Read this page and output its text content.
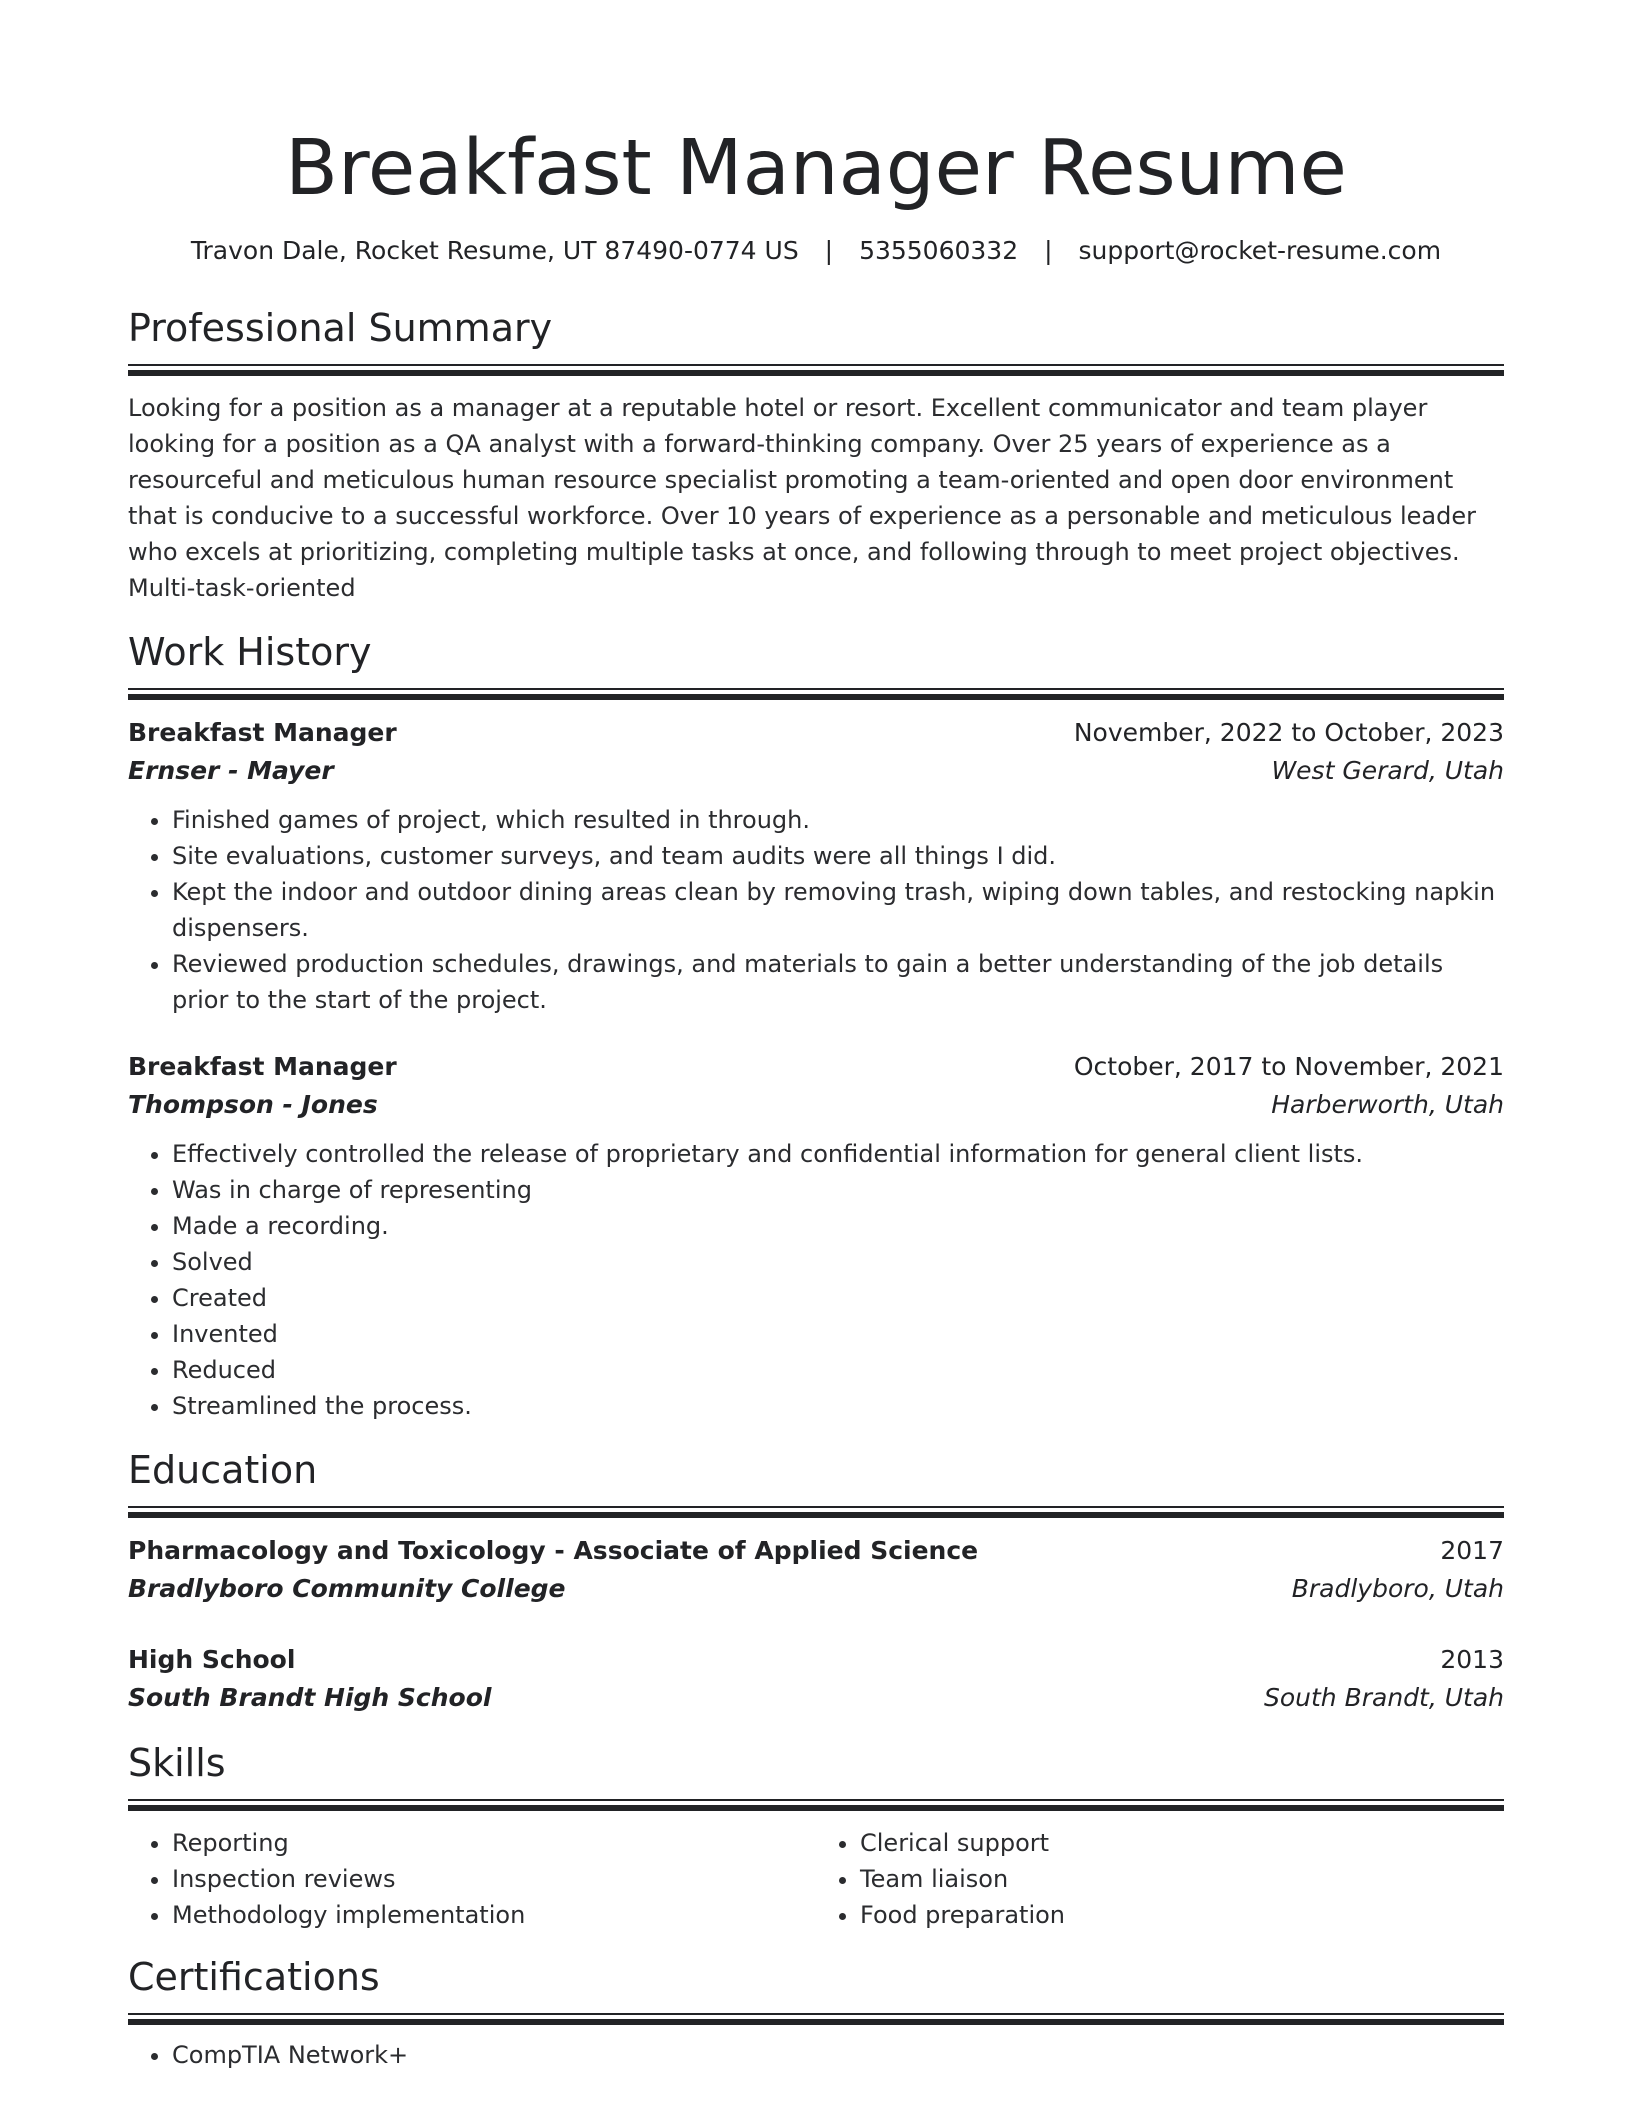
Breakfast Manager Resume
Travon Dale, Rocket Resume, UT 87490-0774 US | 5355060332 | support@rocket-resume.com
Professional Summary

Looking for a position as a manager at a reputable hotel or resort. Excellent communicator and team player looking for a position as a QA analyst with a forward-thinking company. Over 25 years of experience as a resourceful and meticulous human resource specialist promoting a team-oriented and open door environment that is conducive to a successful workforce. Over 10 years of experience as a personable and meticulous leader who excels at prioritizing, completing multiple tasks at once, and following through to meet project objectives. Multi-task-oriented

Work History
Breakfast Manager	November, 2022 to October, 2023
Ernser - Mayer	West Gerard, Utah
• Finished games of project, which resulted in through.
• Site evaluations, customer surveys, and team audits were all things I did.
• Kept the indoor and outdoor dining areas clean by removing trash, wiping down tables, and restocking napkin dispensers.
• Reviewed production schedules, drawings, and materials to gain a better understanding of the job details prior to the start of the project.
Breakfast Manager	October, 2017 to November, 2021
Thompson - Jones	Harberworth, Utah
• Effectively controlled the release of proprietary and confidential information for general client lists.
• Was in charge of representing
• Made a recording.
• Solved
• Created
• Invented
• Reduced
• Streamlined the process.
Education
Pharmacology and Toxicology - Associate of Applied Science	2017
Bradlyboro Community College	Bradlyboro, Utah
High School	2013
South Brandt High School	South Brandt, Utah
Skills
• Reporting
• Inspection reviews
• Methodology implementation
• Clerical support
• Team liaison
• Food preparation
Certifications
• CompTIA Network+
